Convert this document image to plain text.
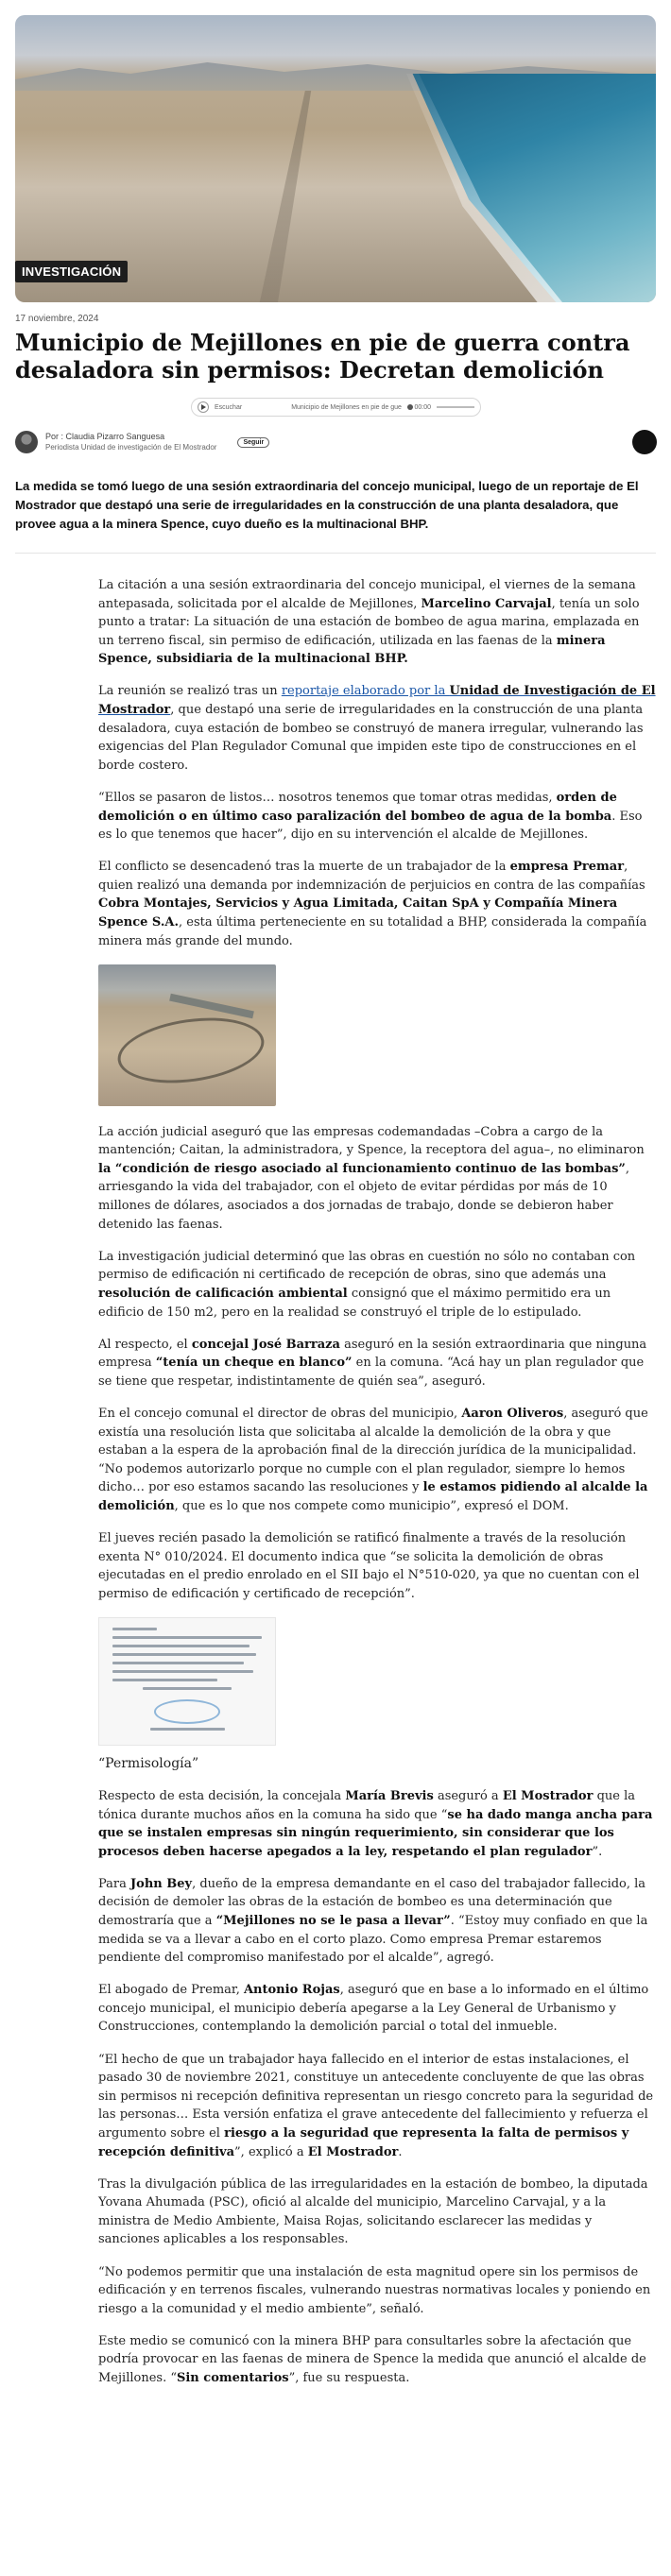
INVESTIGACIÓN
17 noviembre, 2024
Municipio de Mejillones en pie de guerra contra desaladora sin permisos: Decretan demolición
Escuchar	Municipio de Mejillones en pie de gue 00:00
Por : Claudia Pizarro Sanguesa
Periodista Unidad de investigación de El Mostrador
Seguir

La medida se tomó luego de una sesión extraordinaria del concejo municipal, luego de un reportaje de El Mostrador que destapó una serie de irregularidades en la construcción de una planta desaladora, que provee agua a la minera Spence, cuyo dueño es la multinacional BHP.

La citación a una sesión extraordinaria del concejo municipal, el viernes de la semana antepasada, solicitada por el alcalde de Mejillones, Marcelino Carvajal, tenía un solo punto a tratar: La situación de una estación de bombeo de agua marina, emplazada en un terreno fiscal, sin permiso de edificación, utilizada en las faenas de la minera Spence, subsidiaria de la multinacional BHP.

La reunión se realizó tras un reportaje elaborado por la Unidad de Investigación de El Mostrador, que destapó una serie de irregularidades en la construcción de una planta desaladora, cuya estación de bombeo se construyó de manera irregular, vulnerando las exigencias del Plan Regulador Comunal que impiden este tipo de construcciones en el borde costero.

“Ellos se pasaron de listos… nosotros tenemos que tomar otras medidas, orden de demolición o en último caso paralización del bombeo de agua de la bomba. Eso es lo que tenemos que hacer”, dijo en su intervención el alcalde de Mejillones.

El conflicto se desencadenó tras la muerte de un trabajador de la empresa Premar, quien realizó una demanda por indemnización de perjuicios en contra de las compañías Cobra Montajes, Servicios y Agua Limitada, Caitan SpA y Compañía Minera Spence S.A., esta última perteneciente en su totalidad a BHP, considerada la compañía minera más grande del mundo.

La acción judicial aseguró que las empresas codemandadas –Cobra a cargo de la mantención; Caitan, la administradora, y Spence, la receptora del agua–, no eliminaron la “condición de riesgo asociado al funcionamiento continuo de las bombas”, arriesgando la vida del trabajador, con el objeto de evitar pérdidas por más de 10 millones de dólares, asociados a dos jornadas de trabajo, donde se debieron haber detenido las faenas.

La investigación judicial determinó que las obras en cuestión no sólo no contaban con permiso de edificación ni certificado de recepción de obras, sino que además una resolución de calificación ambiental consignó que el máximo permitido era un edificio de 150 m2, pero en la realidad se construyó el triple de lo estipulado.

Al respecto, el concejal José Barraza aseguró en la sesión extraordinaria que ninguna empresa “tenía un cheque en blanco” en la comuna. “Acá hay un plan regulador que se tiene que respetar, indistintamente de quién sea”, aseguró.

En el concejo comunal el director de obras del municipio, Aaron Oliveros, aseguró que existía una resolución lista que solicitaba al alcalde la demolición de la obra y que estaban a la espera de la aprobación final de la dirección jurídica de la municipalidad. “No podemos autorizarlo porque no cumple con el plan regulador, siempre lo hemos dicho… por eso estamos sacando las resoluciones y le estamos pidiendo al alcalde la demolición, que es lo que nos compete como municipio”, expresó el DOM.

El jueves recién pasado la demolición se ratificó finalmente a través de la resolución exenta N° 010/2024. El documento indica que “se solicita la demolición de obras ejecutadas en el predio enrolado en el SII bajo el N°510-020, ya que no cuentan con el permiso de edificación y certificado de recepción”.

“Permisología”

Respecto de esta decisión, la concejala María Brevis aseguró a El Mostrador que la tónica durante muchos años en la comuna ha sido que “se ha dado manga ancha para que se instalen empresas sin ningún requerimiento, sin considerar que los procesos deben hacerse apegados a la ley, respetando el plan regulador”.

Para John Bey, dueño de la empresa demandante en el caso del trabajador fallecido, la decisión de demoler las obras de la estación de bombeo es una determinación que demostraría que a “Mejillones no se le pasa a llevar”. “Estoy muy confiado en que la medida se va a llevar a cabo en el corto plazo. Como empresa Premar estaremos pendiente del compromiso manifestado por el alcalde”, agregó.

El abogado de Premar, Antonio Rojas, aseguró que en base a lo informado en el último concejo municipal, el municipio debería apegarse a la Ley General de Urbanismo y Construcciones, contemplando la demolición parcial o total del inmueble.

“El hecho de que un trabajador haya fallecido en el interior de estas instalaciones, el pasado 30 de noviembre 2021, constituye un antecedente concluyente de que las obras sin permisos ni recepción definitiva representan un riesgo concreto para la seguridad de las personas… Esta versión enfatiza el grave antecedente del fallecimiento y refuerza el argumento sobre el riesgo a la seguridad que representa la falta de permisos y recepción definitiva”, explicó a El Mostrador.

Tras la divulgación pública de las irregularidades en la estación de bombeo, la diputada Yovana Ahumada (PSC), ofició al alcalde del municipio, Marcelino Carvajal, y a la ministra de Medio Ambiente, Maisa Rojas, solicitando esclarecer las medidas y sanciones aplicables a los responsables.

“No podemos permitir que una instalación de esta magnitud opere sin los permisos de edificación y en terrenos fiscales, vulnerando nuestras normativas locales y poniendo en riesgo a la comunidad y el medio ambiente”, señaló.

Este medio se comunicó con la minera BHP para consultarles sobre la afectación que podría provocar en las faenas de minera de Spence la medida que anunció el alcalde de Mejillones. “Sin comentarios”, fue su respuesta.
